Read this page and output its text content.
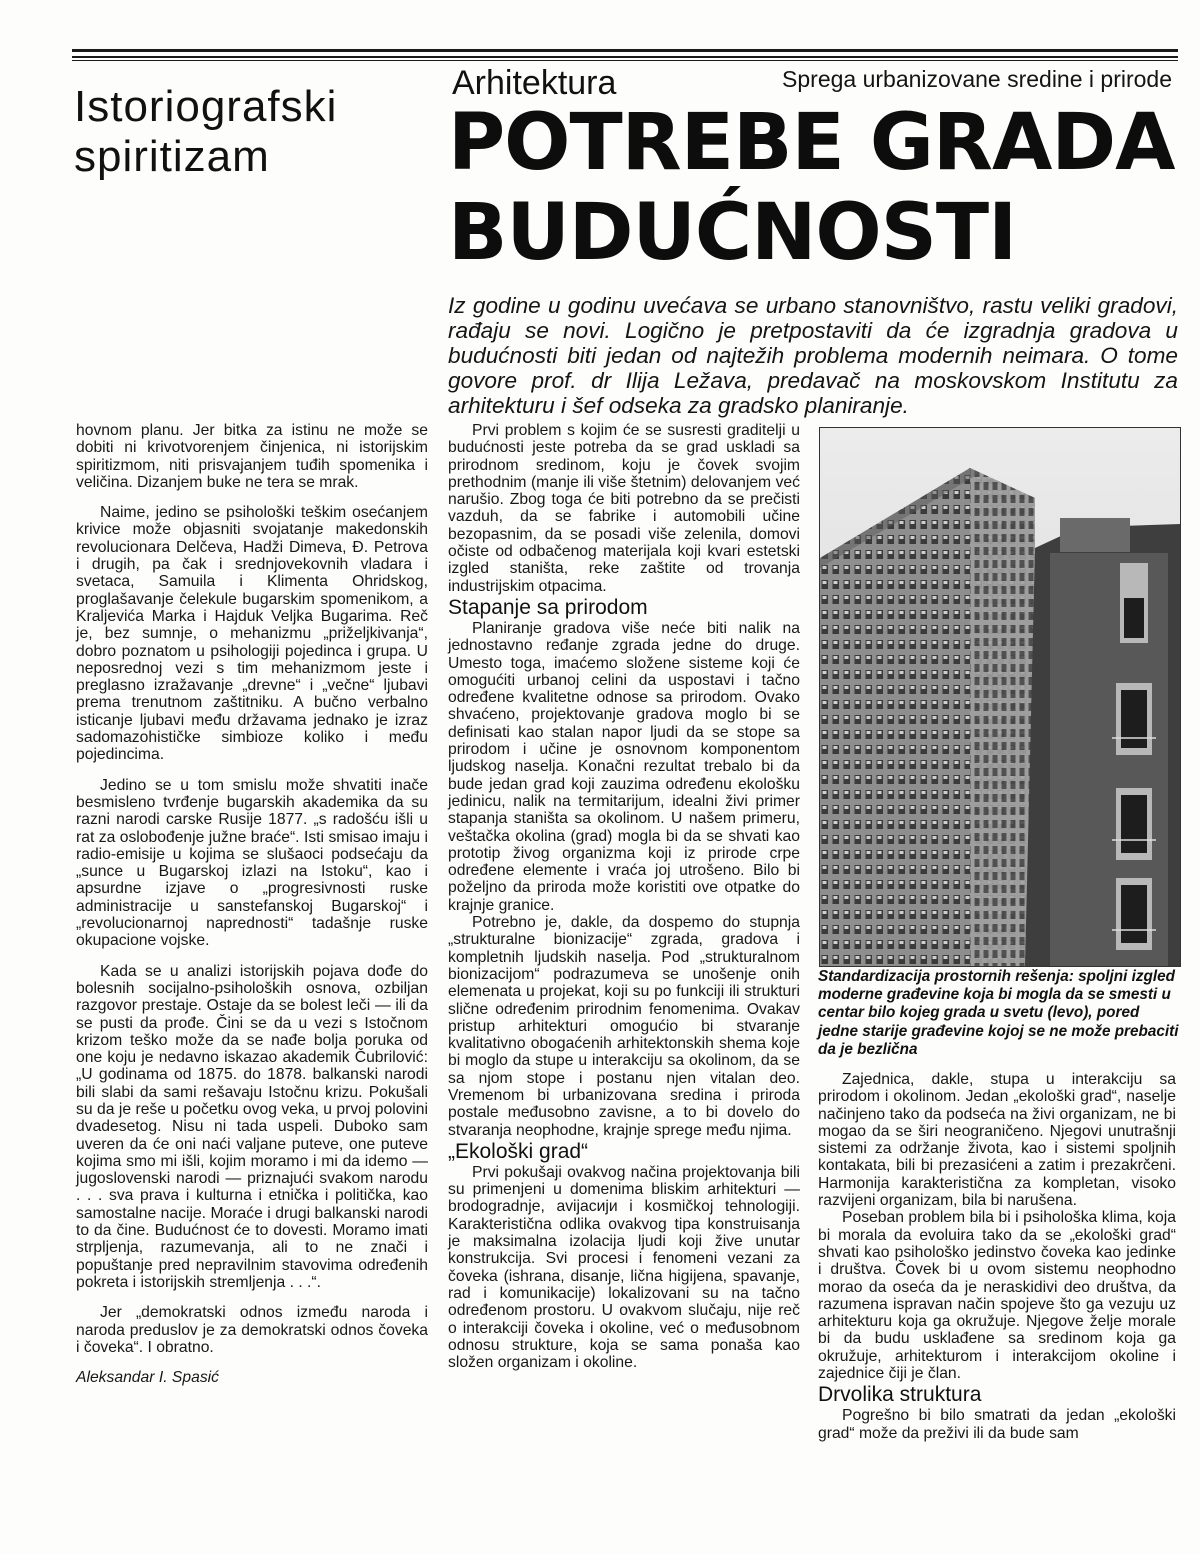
Istoriografski spiritizam
Arhitektura	Sprega urbanizovane sredine i prirode
POTREBE GRADA
BUDUĆNOSTI
Iz godine u godinu uvećava se urbano stanovništvo, rastu veliki gradovi, rađaju se novi. Logično je pretpostaviti da će izgradnja gradova u budućnosti biti jedan od najtežih problema modernih neimara. O tome govore prof. dr Ilija Ležava, predavač na moskovskom Institutu za arhitekturu i šef odseka za gradsko planiranje.

hovnom planu. Jer bitka za istinu ne može se dobiti ni krivotvorenjem činjenica, ni istorijskim spiritizmom, niti prisvajanjem tuđih spomenika i veličina. Dizanjem buke ne tera se mrak.

Naime, jedino se psihološki teškim osećanjem krivice može objasniti svojatanje makedonskih revolucionara Delčeva, Hadži Dimeva, Đ. Petrova i drugih, pa čak i srednjovekovnih vladara i svetaca, Samuila i Klimenta Ohridskog, proglašavanje čelekule bugarskim spomenikom, a Kraljevića Marka i Hajduk Veljka Bugarima. Reč je, bez sumnje, o mehanizmu „priželjkivanja“, dobro poznatom u psihologiji pojedinca i grupa. U neposrednoj vezi s tim mehanizmom jeste i preglasno izražavanje „drevne“ i „večne“ ljubavi prema trenutnom zaštitniku. A bučno verbalno isticanje ljubavi među državama jednako je izraz sadomazohističke simbioze koliko i među pojedincima.

Jedino se u tom smislu može shvatiti inače besmisleno tvrđenje bugarskih akademika da su razni narodi carske Rusije 1877. „s radošću išli u rat za oslobođenje južne braće“. Isti smisao imaju i radio-emisije u kojima se slušaoci podsećaju da „sunce u Bugarskoj izlazi na Istoku“, kao i apsurdne izjave o „progresivnosti ruske administracije u sanstefanskoj Bugarskoj“ i „revolucionarnoj naprednosti“ tadašnje ruske okupacione vojske.

Kada se u analizi istorijskih pojava dođe do bolesnih socijalno-psiholoških osnova, ozbiljan razgovor prestaje. Ostaje da se bolest leči — ili da se pusti da prođe. Čini se da u vezi s Istočnom krizom teško može da se nađe bolja poruka od one koju je nedavno iskazao akademik Čubrilović: „U godinama od 1875. do 1878. balkanski narodi bili slabi da sami rešavaju Istočnu krizu. Pokušali su da je reše u početku ovog veka, u prvoj polovini dvadesetog. Nisu ni tada uspeli. Duboko sam uveren da će oni naći valjane puteve, one puteve kojima smo mi išli, kojim moramo i mi da idemo — jugoslovenski narodi — priznajući svakom narodu . . . sva prava i kulturna i etnička i politička, kao samostalne nacije. Moraće i drugi balkanski narodi to da čine. Budućnost će to dovesti. Moramo imati strpljenja, razumevanja, ali to ne znači i popuštanje pred nepravilnim stavovima određenih pokreta i istorijskih stremljenja . . .“.

Jer „demokratski odnos između naroda i naroda preduslov je za demokratski odnos čoveka i čoveka“. I obratno.

Aleksandar I. Spasić

Prvi problem s kojim će se susresti graditelji u budućnosti jeste potreba da se grad uskladi sa prirodnom sredinom, koju je čovek svojim prethodnim (manje ili više štetnim) delovanjem već narušio. Zbog toga će biti potrebno da se prečisti vazduh, da se fabrike i automobili učine bezopasnim, da se posadi više zelenila, domovi očiste od odbačenog materijala koji kvari estetski izgled staništa, reke zaštite od trovanja industrijskim otpacima.

Stapanje sa prirodom

Planiranje gradova više neće biti nalik na jednostavno ređanje zgrada jedne do druge. Umesto toga, imaćemo složene sisteme koji će omogućiti urbanoj celini da uspostavi i tačno određene kvalitetne odnose sa prirodom. Ovako shvaćeno, projektovanje gradova moglo bi se definisati kao stalan napor ljudi da se stope sa prirodom i učine je osnovnom komponentom ljudskog naselja. Konačni rezultat trebalo bi da bude jedan grad koji zauzima određenu ekološku jedinicu, nalik na termitarijum, idealni živi primer stapanja staništa sa okolinom. U našem primeru, veštačka okolina (grad) mogla bi da se shvati kao prototip živog organizma koji iz prirode crpe određene elemente i vraća joj utrošeno. Bilo bi poželjno da priroda može koristiti ove otpatke do krajnje granice.

Potrebno je, dakle, da dospemo do stupnja „strukturalne bionizacije“ zgrada, gradova i kompletnih ljudskih naselja. Pod „strukturalnom bionizacijom“ podrazumeva se unošenje onih elemenata u projekat, koji su po funkciji ili strukturi slične određenim prirodnim fenomenima. Ovakav pristup arhitekturi omogućio bi stvaranje kvalitativno obogaćenih arhitektonskih shema koje bi moglo da stupe u interakciju sa okolinom, da se sa njom stope i postanu njen vitalan deo. Vremenom bi urbanizovana sredina i priroda postale međusobno zavisne, a to bi dovelo do stvaranja neophodne, krajnje sprege među njima.

„Ekološki grad“

Prvi pokušaji ovakvog načina projektovanja bili su primenjeni u domenima bliskim arhitekturi — brodogradnje, avijacији i kosmičkoj tehnologiji. Karakteristična odlika ovakvog tipa konstruisanja je maksimalna izolacija ljudi koji žive unutar konstrukcija. Svi procesi i fenomeni vezani za čoveka (ishrana, disanje, lična higijena, spavanje, rad i komunikacije) lokalizovani su na tačno određenom prostoru. U ovakvom slučaju, nije reč o interakciji čoveka i okoline, već o međusobnom odnosu strukture, koja se sama ponaša kao složen organizam i okoline.

Standardizacija prostornih rešenja: spoljni izgled moderne građevine koja bi mogla da se smesti u centar bilo kojeg grada u svetu (levo), pored jedne starije građevine kojoj se ne može prebaciti da je bezlična

Zajednica, dakle, stupa u interakciju sa prirodom i okolinom. Jedan „ekološki grad“, naselje načinjeno tako da podseća na živi organizam, ne bi mogao da se širi neograničeno. Njegovi unutrašnji sistemi za održanje života, kao i sistemi spoljnih kontakata, bili bi prezasićeni a zatim i prezakrčeni. Harmonija karakteristična za kompletan, visoko razvijeni organizam, bila bi narušena.

Poseban problem bila bi i psihološka klima, koja bi morala da evoluira tako da se „ekološki grad“ shvati kao psihološko jedinstvo čoveka kao jedinke i društva. Čovek bi u ovom sistemu neophodno morao da oseća da je neraskidivi deo društva, da razumena ispravan način spojeve što ga vezuju uz arhitekturu koja ga okružuje. Njegove želje morale bi da budu usklađene sa sredinom koja ga okružuje, arhitekturom i interakcijom okoline i zajednice čiji je član.

Drvolika struktura

Pogrešno bi bilo smatrati da jedan „ekološki grad“ može da preživi ili da bude sam
